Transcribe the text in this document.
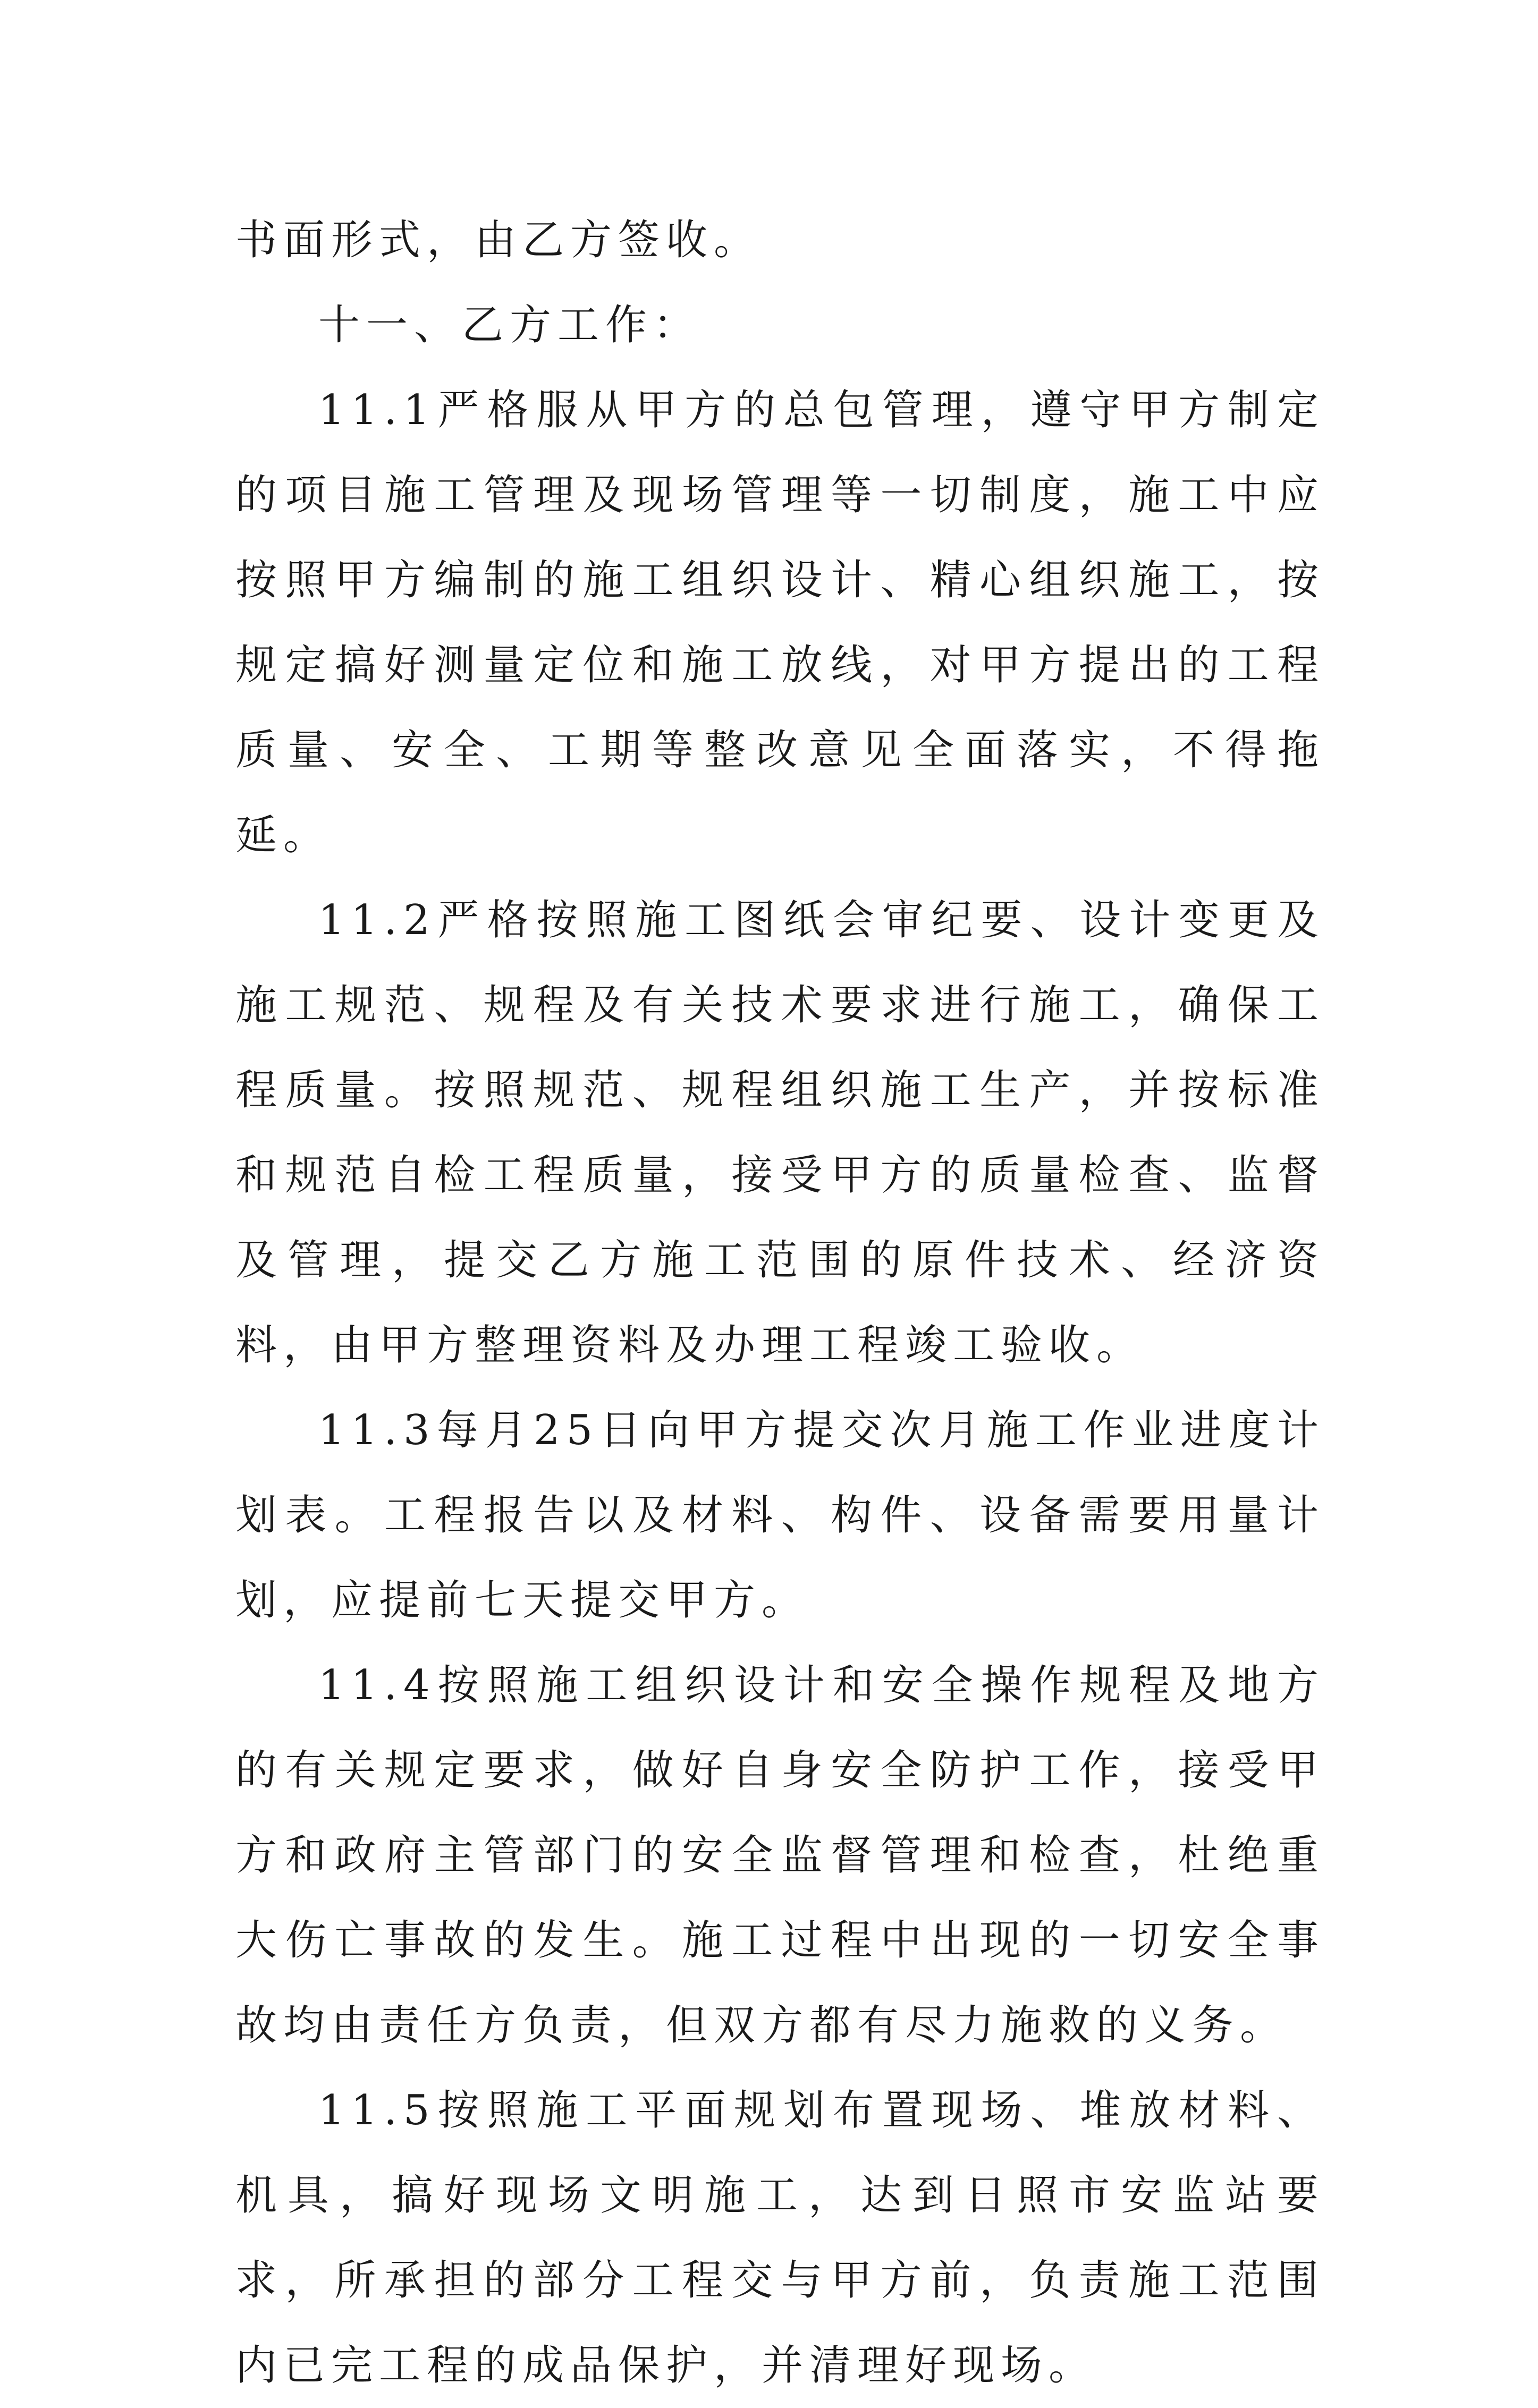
书面形式，由乙方签收。

十一、乙方工作：

11.1严格服从甲方的总包管理，遵守甲方制定的项目施工管理及现场管理等一切制度，施工中应按照甲方编制的施工组织设计、精心组织施工，按规定搞好测量定位和施工放线，对甲方提出的工程质量、安全、工期等整改意见全面落实，不得拖延。

11.2严格按照施工图纸会审纪要、设计变更及施工规范、规程及有关技术要求进行施工，确保工程质量。按照规范、规程组织施工生产，并按标准和规范自检工程质量，接受甲方的质量检查、监督及管理，提交乙方施工范围的原件技术、经济资料，由甲方整理资料及办理工程竣工验收。

11.3每月25日向甲方提交次月施工作业进度计划表。工程报告以及材料、构件、设备需要用量计划，应提前七天提交甲方。

11.4按照施工组织设计和安全操作规程及地方的有关规定要求，做好自身安全防护工作，接受甲方和政府主管部门的安全监督管理和检查，杜绝重大伤亡事故的发生。施工过程中出现的一切安全事故均由责任方负责，但双方都有尽力施救的义务。

11.5按照施工平面规划布置现场、堆放材料、机具，搞好现场文明施工，达到日照市安监站要求，所承担的部分工程交与甲方前，负责施工范围内已完工程的成品保护，并清理好现场。
